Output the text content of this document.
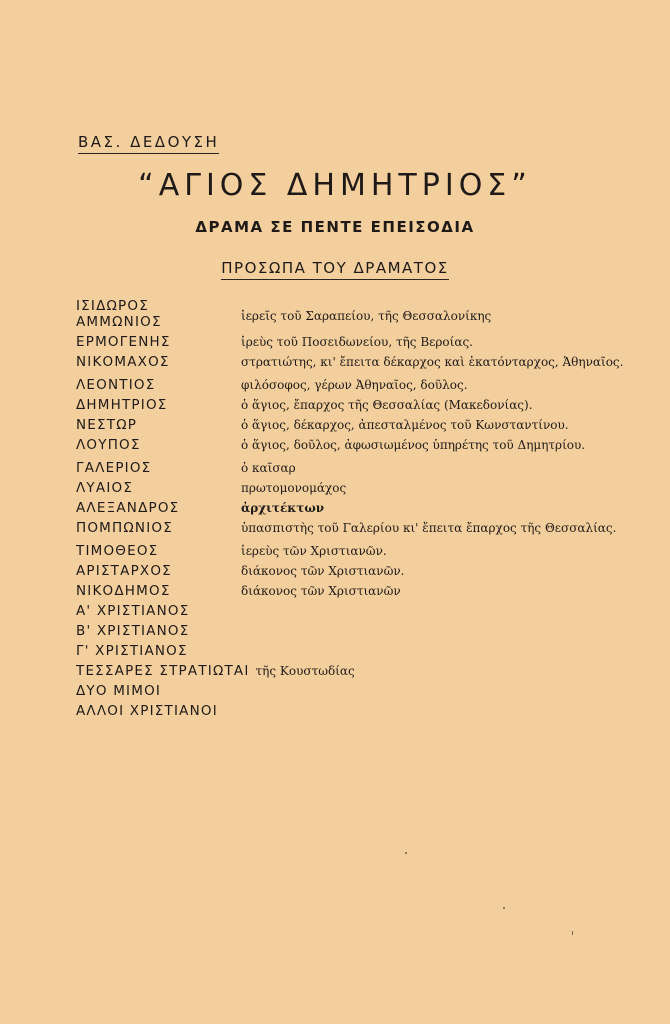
ΒΑΣ. ΔΕΔΟΥΣΗ
“ΑΓΙΟΣ ΔΗΜΗΤΡΙΟΣ”
ΔΡΑΜΑ ΣΕ ΠΕΝΤΕ ΕΠΕΙΣΟΔΙΑ
ΠΡΟΣΩΠΑ ΤΟΥ ΔΡΑΜΑΤΟΣ
ΙΣΙΔΩΡΟΣ
ΑΜΜΩΝΙΟΣ	ἱερεῖς τοῦ Σαραπείου, τῆς Θεσσαλονίκης
ΕΡΜΟΓΕΝΗΣ	ἱρεὺς τοῦ Ποσειδωνείου, τῆς Βεροίας.
ΝΙΚΟΜΑΧΟΣ	στρατιώτης, κι' ἔπειτα δέκαρχος καὶ ἑκατόνταρχος, Ἀθηναῖος.
ΛΕΟΝΤΙΟΣ	φιλόσοφος, γέρων Ἀθηναῖος, δοῦλος.
ΔΗΜΗΤΡΙΟΣ	ὁ ἅγιος, ἔπαρχος τῆς Θεσσαλίας (Μακεδονίας).
ΝΕΣΤΩΡ	ὁ ἅγιος, δέκαρχος, ἀπεσταλμένος τοῦ Κωνσταντίνου.
ΛΟΥΠΟΣ	ὁ ἅγιος, δοῦλος, ἀφωσιωμένος ὑπηρέτης τοῦ Δημητρίου.
ΓΑΛΕΡΙΟΣ	ὁ καῖσαρ
ΛΥΑΙΟΣ	πρωτομονομάχος
ΑΛΕΞΑΝΔΡΟΣ	ἀρχιτέκτων
ΠΟΜΠΩΝΙΟΣ	ὑπασπιστὴς τοῦ Γαλερίου κι' ἔπειτα ἔπαρχος τῆς Θεσσαλίας.
ΤΙΜΟΘΕΟΣ	ἱερεὺς τῶν Χριστιανῶν.
ΑΡΙΣΤΑΡΧΟΣ	διάκονος τῶν Χριστιανῶν.
ΝΙΚΟΔΗΜΟΣ	διάκονος τῶν Χριστιανῶν
Α' ΧΡΙΣΤΙΑΝΟΣ
Β' ΧΡΙΣΤΙΑΝΟΣ
Γ' ΧΡΙΣΤΙΑΝΟΣ
ΤΕΣΣΑΡΕΣ ΣΤΡΑΤΙΩΤΑΙ τῆς Κουστωδίας
ΔΥΟ ΜΙΜΟΙ
ΑΛΛΟΙ ΧΡΙΣΤΙΑΝΟΙ
